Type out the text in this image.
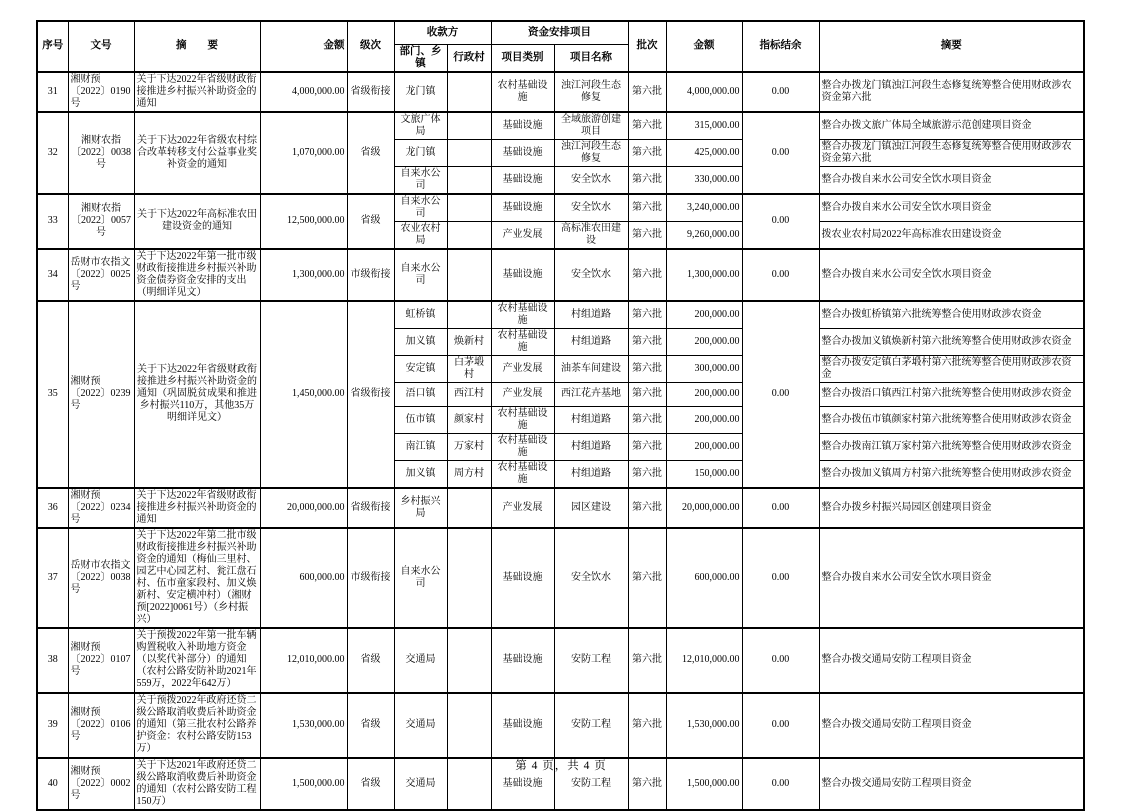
序号	文号	摘　　要	金额	级次	收款方		资金安排项目		批次	金额	指标结余	摘要
					部门、乡镇	行政村	项目类别	项目名称				
31	湘财预〔2022〕0190号	关于下达2022年省级财政衔接推进乡村振兴补助资金的通知	4,000,000.00	省级衔接	龙门镇		农村基础设施	浊江河段生态修复	第六批	4,000,000.00	0.00	整合办拨龙门镇浊江河段生态修复统筹整合使用财政涉农资金第六批
32	湘财农指〔2022〕0038号	关于下达2022年省级农村综合改革转移支付公益事业奖补资金的通知	1,070,000.00	省级	文旅广体局		基础设施	全域旅游创建项目	第六批	315,000.00	0.00	整合办拨文旅广体局全域旅游示范创建项目资金
					龙门镇		基础设施	浊江河段生态修复	第六批	425,000.00		整合办拨龙门镇浊江河段生态修复统筹整合使用财政涉农资金第六批
					自来水公司		基础设施	安全饮水	第六批	330,000.00		整合办拨自来水公司安全饮水项目资金
33	湘财农指〔2022〕0057号	关于下达2022年高标准农田建设资金的通知	12,500,000.00	省级	自来水公司		基础设施	安全饮水	第六批	3,240,000.00	0.00	整合办拨自来水公司安全饮水项目资金
					农业农村局		产业发展	高标准农田建设	第六批	9,260,000.00		拨农业农村局2022年高标准农田建设资金
34	岳财市农指文〔2022〕0025号	关于下达2022年第一批市级财政衔接推进乡村振兴补助资金债券资金安排的支出（明细详见文）	1,300,000.00	市级衔接	自来水公司		基础设施	安全饮水	第六批	1,300,000.00	0.00	整合办拨自来水公司安全饮水项目资金
35	湘财预〔2022〕0239号	关于下达2022年省级财政衔接推进乡村振兴补助资金的通知（巩固脱贫成果和推进乡村振兴110万，其他35万明细详见文）	1,450,000.00	省级衔接	虹桥镇		农村基础设施	村组道路	第六批	200,000.00	0.00	整合办拨虹桥镇第六批统筹整合使用财政涉农资金
					加义镇	焕新村	农村基础设施	村组道路	第六批	200,000.00		整合办拨加义镇焕新村第六批统筹整合使用财政涉农资金
					安定镇	白茅塅村	产业发展	油茶车间建设	第六批	300,000.00		整合办拨安定镇白茅塅村第六批统筹整合使用财政涉农资金
					浯口镇	西江村	产业发展	西江花卉基地	第六批	200,000.00		整合办拨浯口镇西江村第六批统筹整合使用财政涉农资金
					伍市镇	颜家村	农村基础设施	村组道路	第六批	200,000.00		整合办拨伍市镇颜家村第六批统筹整合使用财政涉农资金
					南江镇	万家村	农村基础设施	村组道路	第六批	200,000.00		整合办拨南江镇万家村第六批统筹整合使用财政涉农资金
					加义镇	周方村	农村基础设施	村组道路	第六批	150,000.00		整合办拨加义镇周方村第六批统筹整合使用财政涉农资金
36	湘财预〔2022〕0234号	关于下达2022年省级财政衔接推进乡村振兴补助资金的通知	20,000,000.00	省级衔接	乡村振兴局		产业发展	园区建设	第六批	20,000,000.00	0.00	整合办拨乡村振兴局园区创建项目资金
37	岳财市农指文〔2022〕0038号	关于下达2022年第二批市级财政衔接推进乡村振兴补助资金的通知（梅仙三里村、园艺中心园艺村、瓮江盘石村、伍市童家段村、加义焕新村、安定横冲村）（湘财预[2022]0061号）（乡村振兴）	600,000.00	市级衔接	自来水公司		基础设施	安全饮水	第六批	600,000.00	0.00	整合办拨自来水公司安全饮水项目资金
38	湘财预〔2022〕0107号	关于预拨2022年第一批车辆购置税收入补助地方资金（以奖代补部分）的通知（农村公路安防补助2021年559万，2022年642万）	12,010,000.00	省级	交通局		基础设施	安防工程	第六批	12,010,000.00	0.00	整合办拨交通局安防工程项目资金
39	湘财预〔2022〕0106号	关于预拨2022年政府还贷二级公路取消收费后补助资金的通知（第三批农村公路养护资金：农村公路安防153万）	1,530,000.00	省级	交通局		基础设施	安防工程	第六批	1,530,000.00	0.00	整合办拨交通局安防工程项目资金
40	湘财预〔2022〕0002号	关于下达2021年政府还贷二级公路取消收费后补助资金的通知（农村公路安防工程150万）	1,500,000.00	省级	交通局		基础设施	安防工程	第六批	1,500,000.00	0.00	整合办拨交通局安防工程项目资金
第 4 页，共 4 页
